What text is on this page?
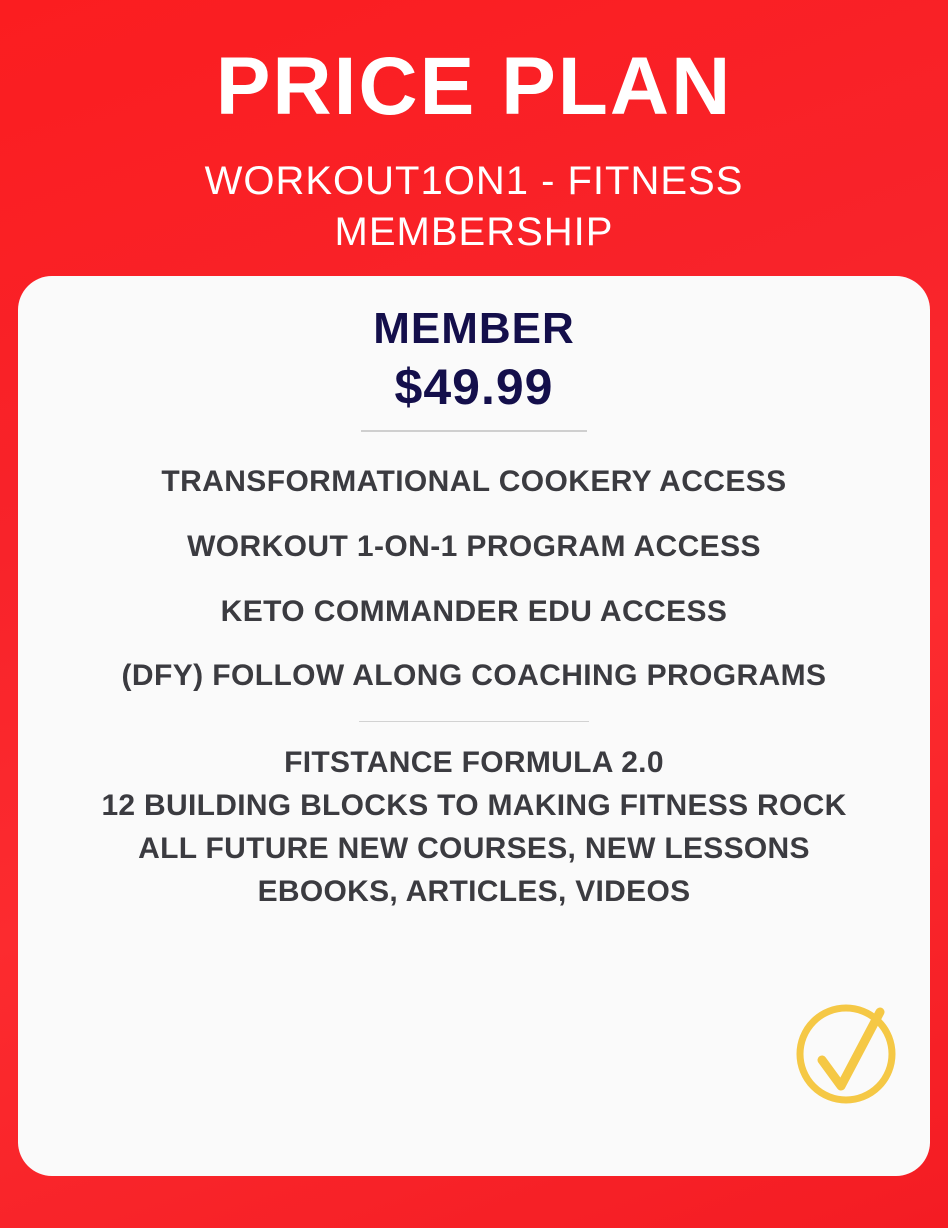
PRICE PLAN
WORKOUT1ON1 - FITNESS MEMBERSHIP
MEMBER
$49.99
TRANSFORMATIONAL COOKERY ACCESS
WORKOUT 1-ON-1 PROGRAM ACCESS
KETO COMMANDER EDU ACCESS
(DFY) FOLLOW ALONG COACHING PROGRAMS
FITSTANCE FORMULA 2.0
12 BUILDING BLOCKS TO MAKING FITNESS ROCK
ALL FUTURE NEW COURSES, NEW LESSONS
EBOOKS, ARTICLES, VIDEOS
